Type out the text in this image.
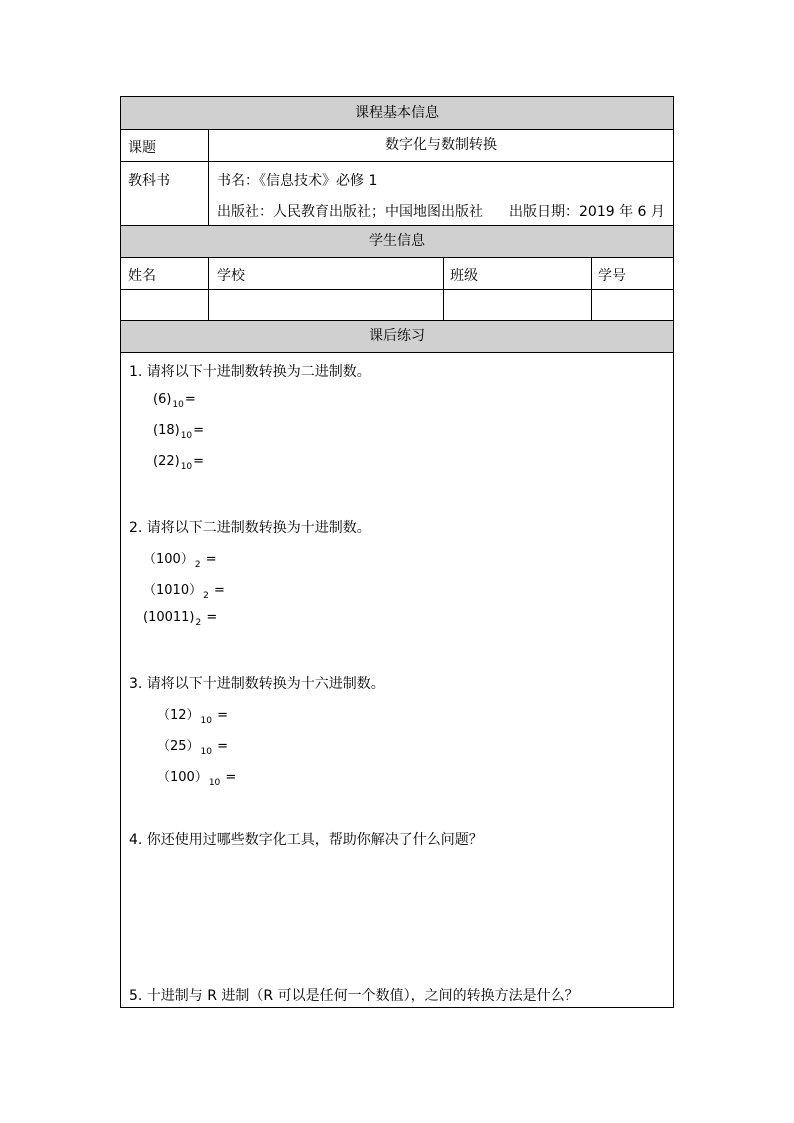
课程基本信息
课题	数字化与数制转换
教科书	书名：《信息技术》必修 1
出版社：人民教育出版社；中国地图出版社 出版日期：2019 年 6 月
学生信息
姓名	学校	班级	学号
课后练习
1. 请将以下十进制数转换为二进制数。
$(6)_{10}=$
$(18)_{10}=$
$(22)_{10}=$
2. 请将以下二进制数转换为十进制数。
$(100)_2$ =
$(1010)_2$ =
$(10011)_2$ =
3. 请将以下十进制数转换为十六进制数。
$(12)_{10}$ =
$(25)_{10}$ =
$(100)_{10}$ =
4. 你还使用过哪些数字化工具，帮助你解决了什么问题？
5. 十进制与 R 进制（R 可以是任何一个数值），之间的转换方法是什么？
